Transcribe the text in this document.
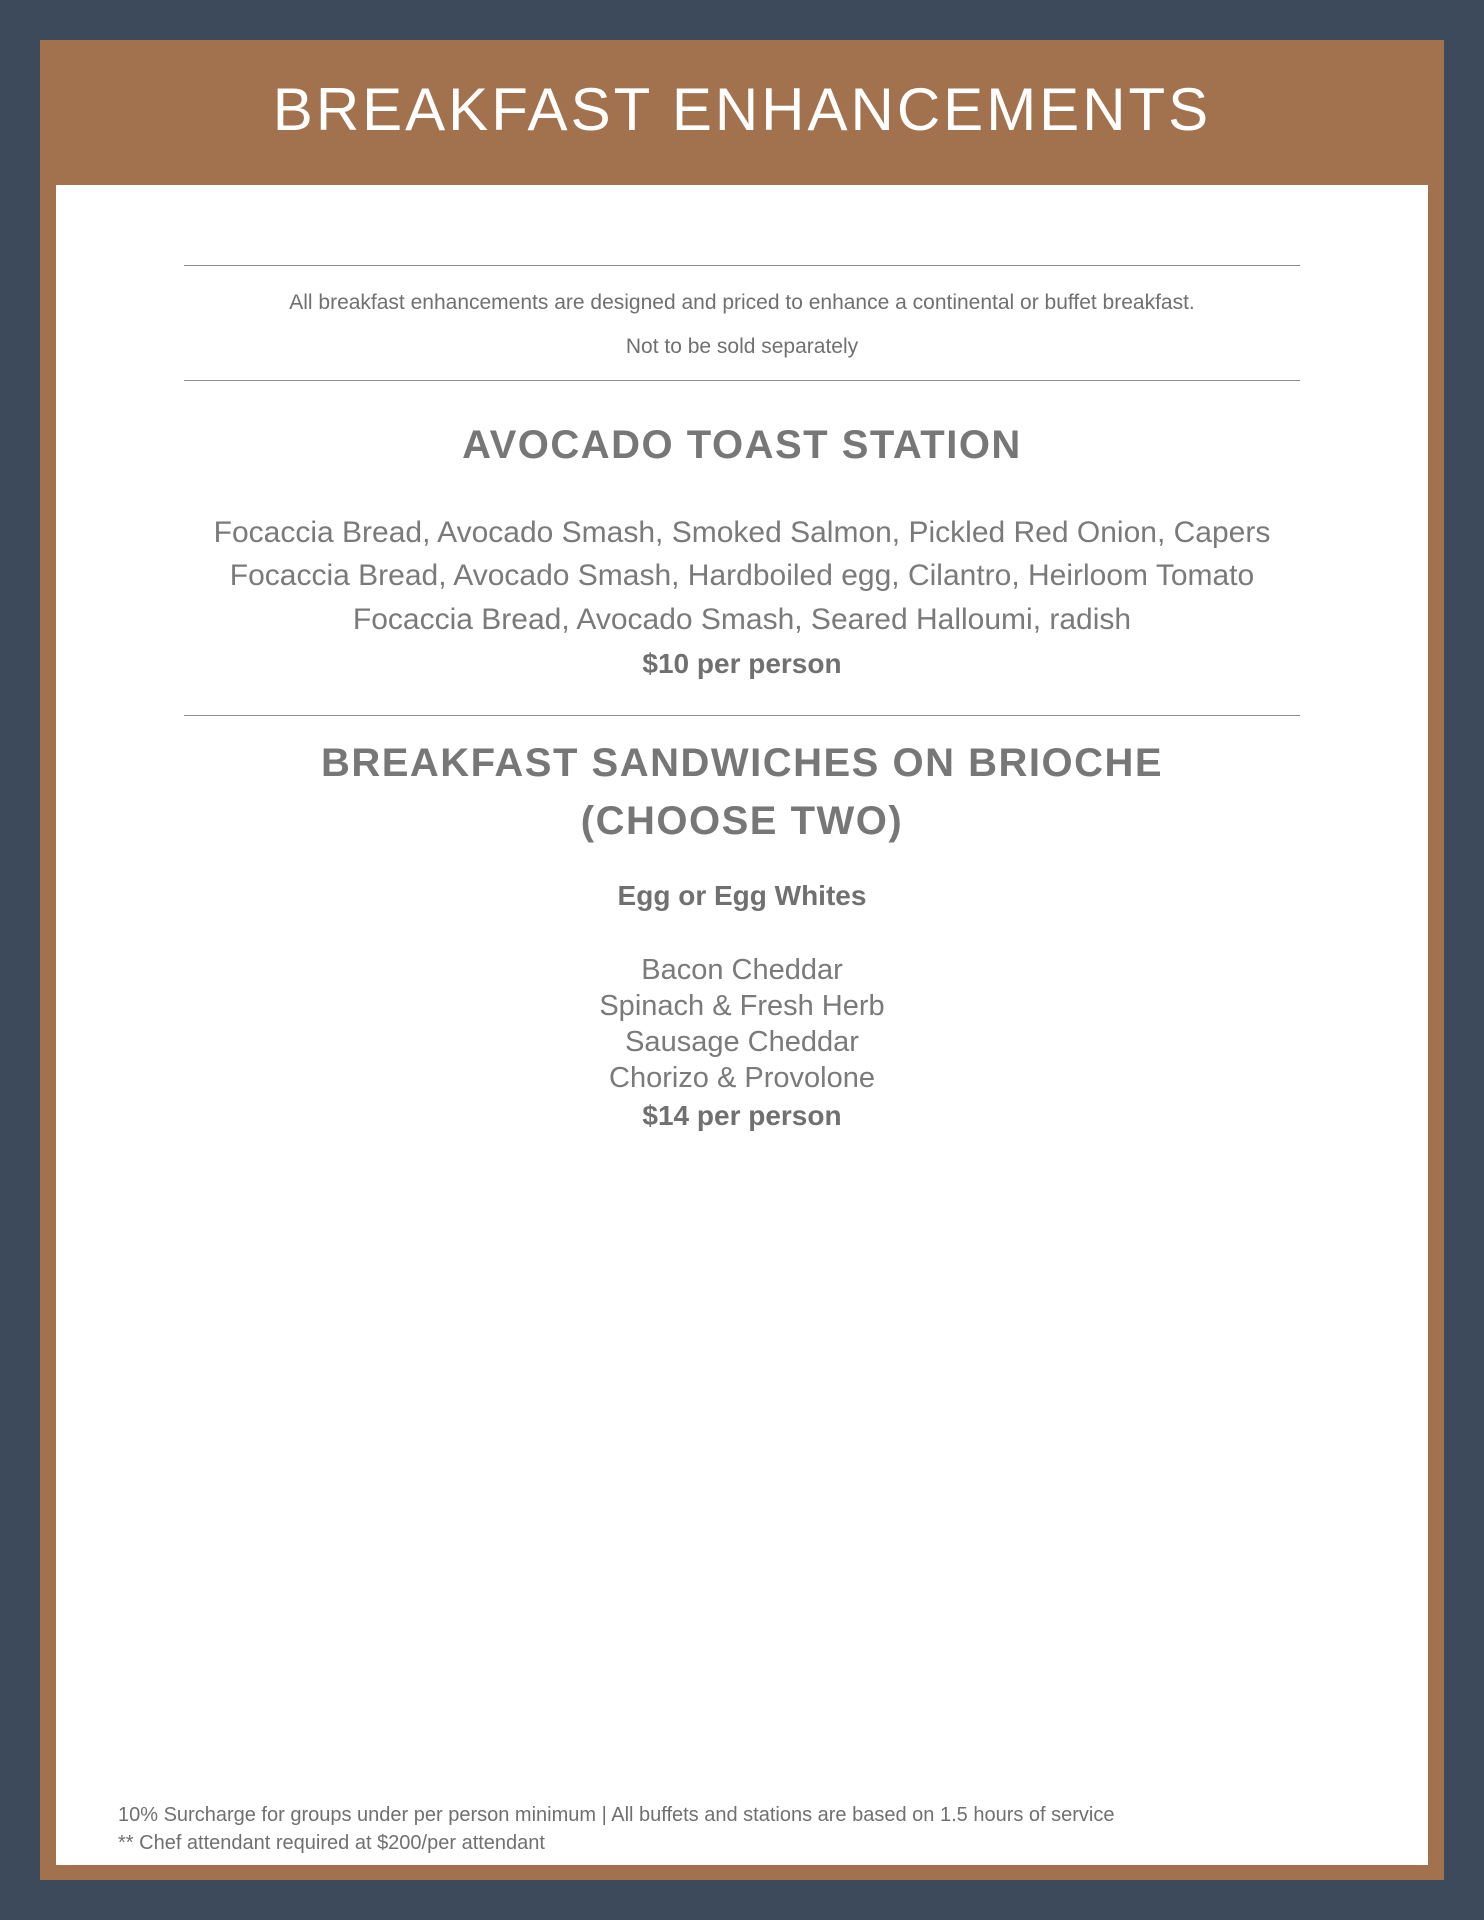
BREAKFAST ENHANCEMENTS
All breakfast enhancements are designed and priced to enhance a continental or buffet breakfast.
Not to be sold separately
AVOCADO TOAST STATION
Focaccia Bread, Avocado Smash, Smoked Salmon, Pickled Red Onion, Capers
Focaccia Bread, Avocado Smash, Hardboiled egg, Cilantro, Heirloom Tomato
Focaccia Bread, Avocado Smash, Seared Halloumi, radish
$10 per person
BREAKFAST SANDWICHES ON BRIOCHE
(CHOOSE TWO)
Egg or Egg Whites
Bacon Cheddar
Spinach & Fresh Herb
Sausage Cheddar
Chorizo & Provolone
$14 per person
10% Surcharge for groups under per person minimum | All buffets and stations are based on 1.5 hours of service
** Chef attendant required at $200/per attendant
